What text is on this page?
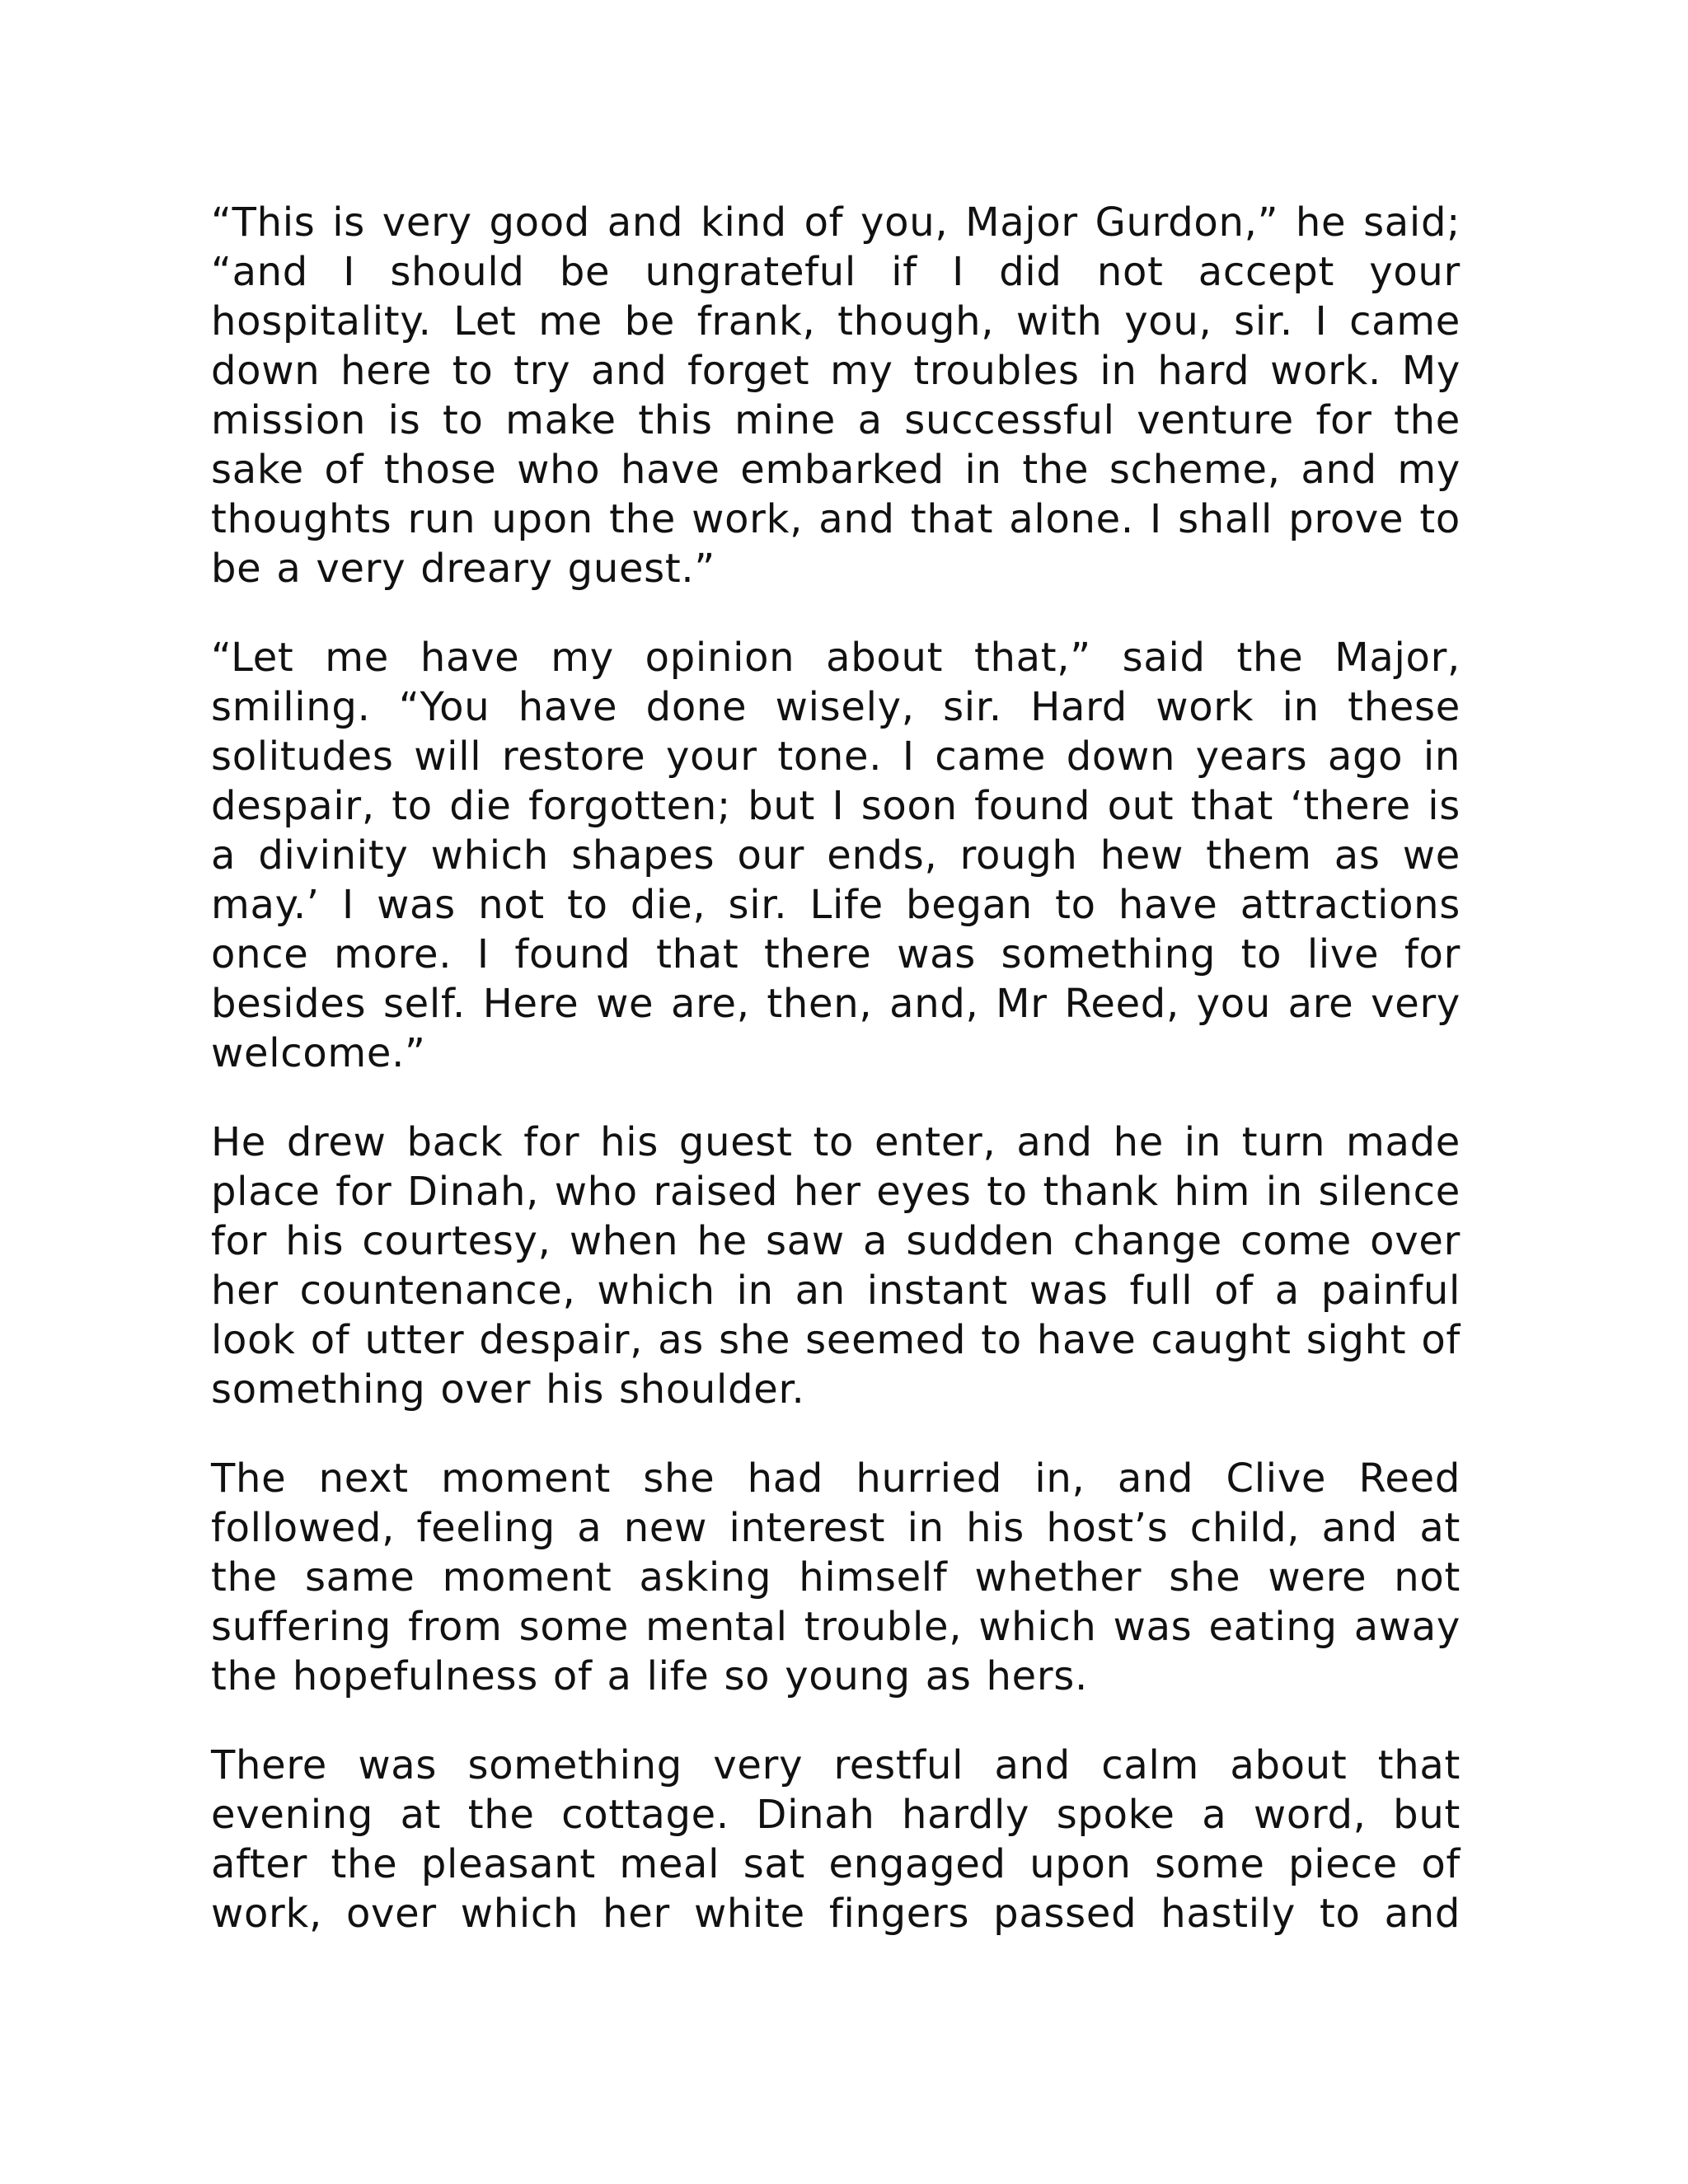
“This is very good and kind of you, Major Gurdon,” he said; “and I should be ungrateful if I did not accept your hospitality. Let me be frank, though, with you, sir. I came down here to try and forget my troubles in hard work. My mission is to make this mine a successful venture for the sake of those who have embarked in the scheme, and my thoughts run upon the work, and that alone. I shall prove to be a very dreary guest.”

“Let me have my opinion about that,” said the Major, smiling. “You have done wisely, sir. Hard work in these solitudes will restore your tone. I came down years ago in despair, to die forgotten; but I soon found out that ‘there is a divinity which shapes our ends, rough hew them as we may.’ I was not to die, sir. Life began to have attractions once more. I found that there was something to live for besides self. Here we are, then, and, Mr Reed, you are very welcome.”

He drew back for his guest to enter, and he in turn made place for Dinah, who raised her eyes to thank him in silence for his courtesy, when he saw a sudden change come over her countenance, which in an instant was full of a painful look of utter despair, as she seemed to have caught sight of something over his shoulder.

The next moment she had hurried in, and Clive Reed followed, feeling a new interest in his host’s child, and at the same moment asking himself whether she were not suffering from some mental trouble, which was eating away the hopefulness of a life so young as hers.

There was something very restful and calm about that evening at the cottage. Dinah hardly spoke a word, but after the pleasant meal sat engaged upon some piece of work, over which her white fingers passed hastily to and
